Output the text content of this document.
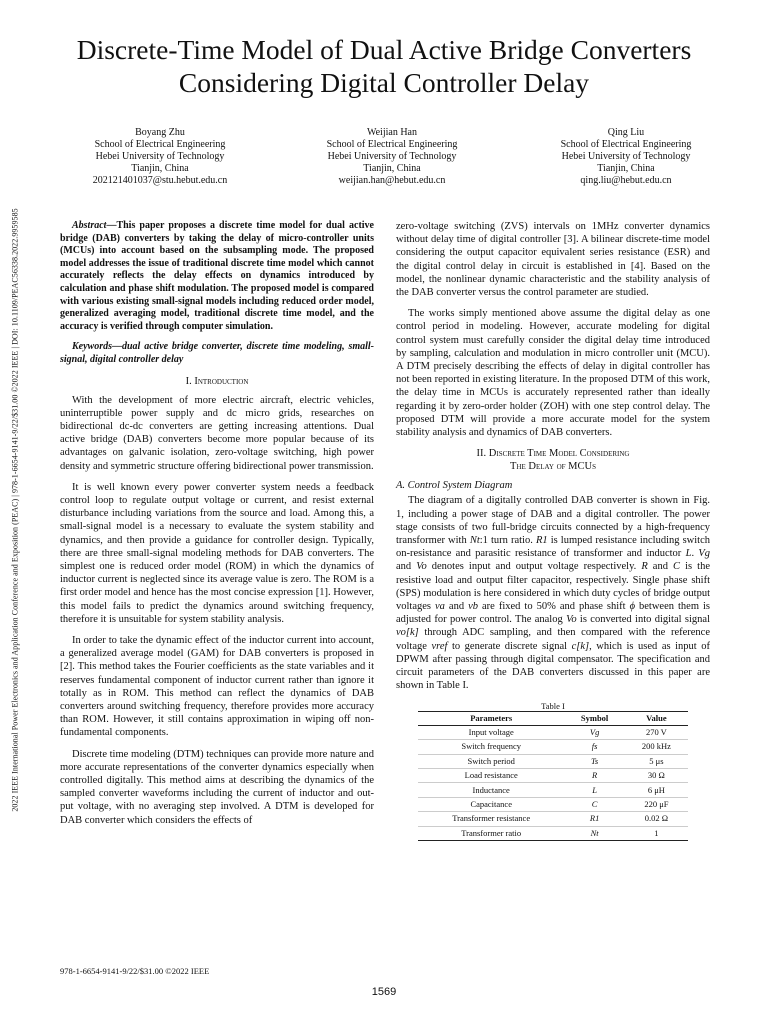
2022 IEEE International Power Electronics and Application Conference and Exposition (PEAC) | 978-1-6654-9141-9/22/$31.00 ©2022 IEEE | DOI: 10.1109/PEAC56338.2022.9959585
Discrete-Time Model of Dual Active Bridge Converters Considering Digital Controller Delay
Boyang Zhu
School of Electrical Engineering
Hebei University of Technology
Tianjin, China
202121401037@stu.hebut.edu.cn
Weijian Han
School of Electrical Engineering
Hebei University of Technology
Tianjin, China
weijian.han@hebut.edu.cn
Qing Liu
School of Electrical Engineering
Hebei University of Technology
Tianjin, China
qing.liu@hebut.edu.cn

Abstract—This paper proposes a discrete time model for dual active bridge (DAB) converters by taking the delay of micro-controller units (MCUs) into account based on the subsampling mode. The proposed model addresses the issue of traditional discrete time model which cannot accurately reflects the delay effects on dynamics introduced by calculation and phase shift modulation. The proposed model is compared with various existing small-signal models including reduced order model, generalized averaging model, traditional discrete time model, and the accuracy is verified through computer simulation.

Keywords—dual active bridge converter, discrete time modeling, small-signal, digital controller delay

I. Introduction

With the development of more electric aircraft, electric vehicles, uninterruptible power supply and dc micro grids, researches on bidirectional dc-dc converters are getting increasing attentions. Dual active bridge (DAB) converters become more popular because of its advantages on galvanic isolation, zero-voltage switching, high power density and symmetric structure offering bidirectional power transmission.

It is well known every power converter system needs a feedback control loop to regulate output voltage or current, and resist external disturbance including variations from the source and load. Among this, a small-signal model is a necessary to evaluate the system stability and dynamics, and then provide a guidance for controller design. Typically, there are three small-signal modeling methods for DAB converters. The simplest one is reduced order model (ROM) in which the dynamics of inductor current is neglected since its average value is zero. The ROM is a first order model and hence has the most concise expression [1]. However, this model fails to predict the dynamics around switching frequency, therefore it is unsuitable for system stability analysis.

In order to take the dynamic effect of the inductor current into account, a generalized average model (GAM) for DAB converters is proposed in [2]. This method takes the Fourier coefficients as the state variables and it reserves fundamental component of inductor current rather than ignore it totally as in ROM. This method can reflect the dynamics of DAB converters around switching frequency, therefore provides more accuracy than ROM. However, it still contains approximation in wiping off non-fundamental components.

Discrete time modeling (DTM) techniques can provide more nature and more accurate representations of the converter dynamics especially when controlled digitally. This method aims at describing the dynamics of the sampled converter waveforms including the current of inductor and out-put voltage, with no averaging step involved. A DTM is developed for DAB converter which considers the effects of

zero-voltage switching (ZVS) intervals on 1MHz converter dynamics without delay time of digital controller [3]. A bilinear discrete-time model considering the output capacitor equivalent series resistance (ESR) and the digital control delay in circuit is established in [4]. Based on the model, the nonlinear dynamic characteristic and the stability analysis of the DAB converter versus the control parameter are studied.

The works simply mentioned above assume the digital delay as one control period in modeling. However, accurate modeling for digital control system must carefully consider the digital delay time introduced by sampling, calculation and modulation in micro controller unit (MCU). A DTM precisely describing the effects of delay in digital controller has not been reported in existing literature. In the proposed DTM of this work, the delay time in MCUs is accurately represented rather than ideally regarding it by zero-order holder (ZOH) with one step control delay. The proposed DTM will provide a more accurate model for the system stability analysis and dynamics of DAB converters.

II. Discrete Time Model Considering
The Delay of MCUs
A. Control System Diagram

The diagram of a digitally controlled DAB converter is shown in Fig. 1, including a power stage of DAB and a digital controller. The power stage consists of two full-bridge circuits connected by a high-frequency transformer with Nt:1 turn ratio. R1 is lumped resistance including switch on-resistance and parasitic resistance of transformer and inductor L. Vg and Vo denotes input and output voltage respectively. R and C is the resistive load and output filter capacitor, respectively. Single phase shift (SPS) modulation is here considered in which duty cycles of bridge output voltages va and vb are fixed to 50% and phase shift ϕ between them is adjusted for power control. The analog Vo is converted into digital signal vo[k] through ADC sampling, and then compared with the reference voltage vref to generate discrete signal c[k], which is used as input of DPWM after passing through digital compensator. The specification and circuit parameters of the DAB converters discussed in this paper are shown in Table I.

Table I
Parameters	Symbol	Value
Input voltage	Vg	270 V
Switch frequency	fs	200 kHz
Switch period	Ts	5 μs
Load resistance	R	30 Ω
Inductance	L	6 μH
Capacitance	C	220 μF
Transformer resistance	R1	0.02 Ω
Transformer ratio	Nt	1
978-1-6654-9141-9/22/$31.00 ©2022 IEEE
1569
